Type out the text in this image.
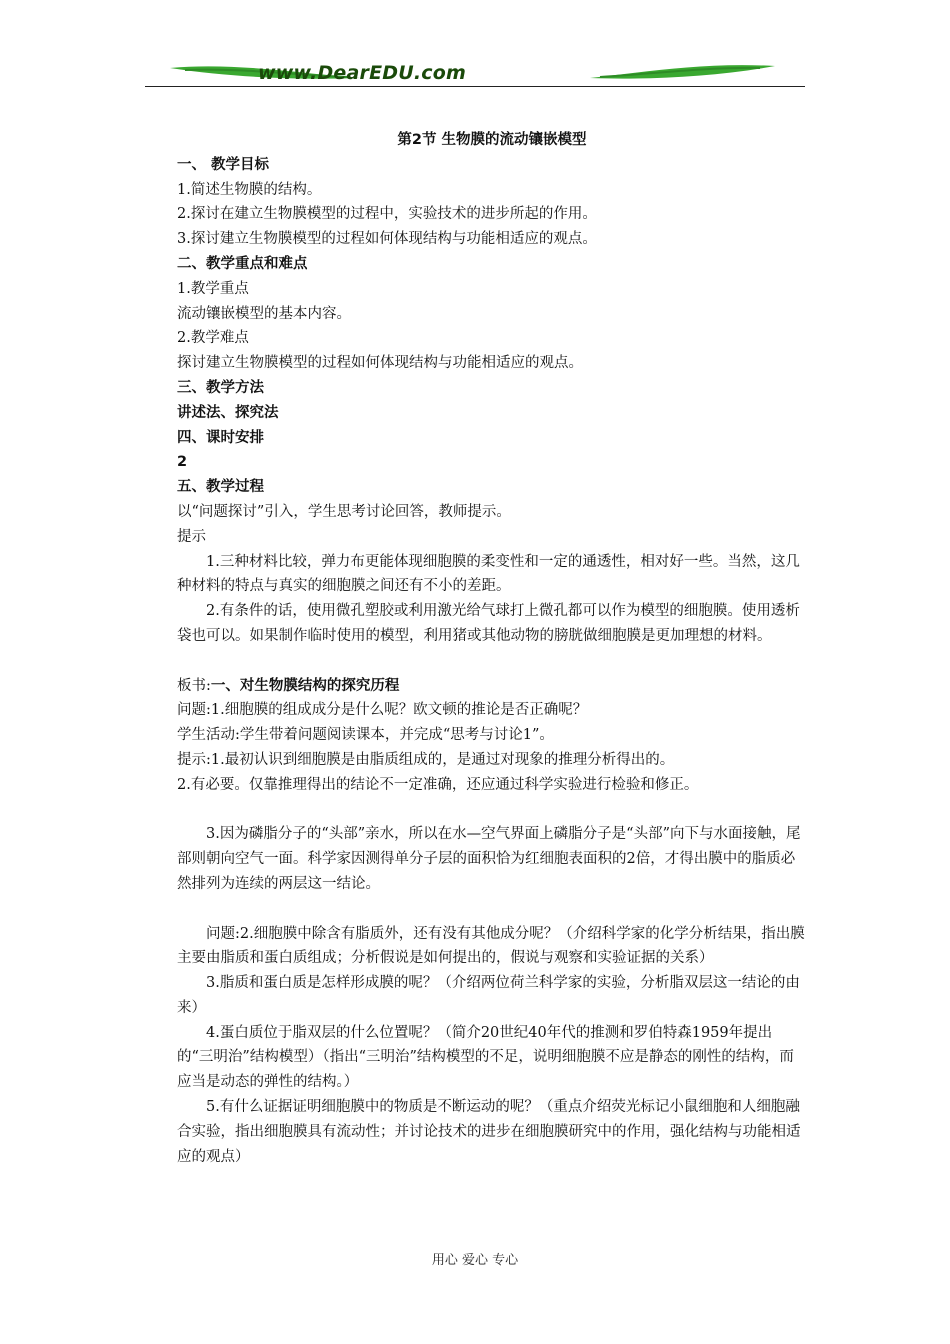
www.DearEDU.com
第2节 生物膜的流动镶嵌模型

一、 教学目标

1.简述生物膜的结构。

2.探讨在建立生物膜模型的过程中，实验技术的进步所起的作用。

3.探讨建立生物膜模型的过程如何体现结构与功能相适应的观点。

二、教学重点和难点

1.教学重点

流动镶嵌模型的基本内容。

2.教学难点

探讨建立生物膜模型的过程如何体现结构与功能相适应的观点。

三、教学方法

讲述法、探究法

四、课时安排

2

五、教学过程

以“问题探讨”引入，学生思考讨论回答，教师提示。

提示

1.三种材料比较，弹力布更能体现细胞膜的柔变性和一定的通透性，相对好一些。当然，这几种材料的特点与真实的细胞膜之间还有不小的差距。

2.有条件的话，使用微孔塑胶或利用激光给气球打上微孔都可以作为模型的细胞膜。使用透析袋也可以。如果制作临时使用的模型，利用猪或其他动物的膀胱做细胞膜是更加理想的材料。

板书:一、对生物膜结构的探究历程

问题:1.细胞膜的组成成分是什么呢？欧文顿的推论是否正确呢？

学生活动:学生带着问题阅读课本，并完成“思考与讨论1”。

提示:1.最初认识到细胞膜是由脂质组成的，是通过对现象的推理分析得出的。

2.有必要。仅靠推理得出的结论不一定准确，还应通过科学实验进行检验和修正。

3.因为磷脂分子的“头部”亲水，所以在水—空气界面上磷脂分子是“头部”向下与水面接触，尾部则朝向空气一面。科学家因测得单分子层的面积恰为红细胞表面积的2倍，才得出膜中的脂质必然排列为连续的两层这一结论。

问题:2.细胞膜中除含有脂质外，还有没有其他成分呢？（介绍科学家的化学分析结果，指出膜主要由脂质和蛋白质组成；分析假说是如何提出的，假说与观察和实验证据的关系）

3.脂质和蛋白质是怎样形成膜的呢？（介绍两位荷兰科学家的实验，分析脂双层这一结论的由来）

4.蛋白质位于脂双层的什么位置呢？（简介20世纪40年代的推测和罗伯特森1959年提出的“三明治”结构模型）（指出“三明治”结构模型的不足，说明细胞膜不应是静态的刚性的结构，而应当是动态的弹性的结构。）

5.有什么证据证明细胞膜中的物质是不断运动的呢？（重点介绍荧光标记小鼠细胞和人细胞融合实验，指出细胞膜具有流动性；并讨论技术的进步在细胞膜研究中的作用，强化结构与功能相适应的观点）

用心 爱心 专心
